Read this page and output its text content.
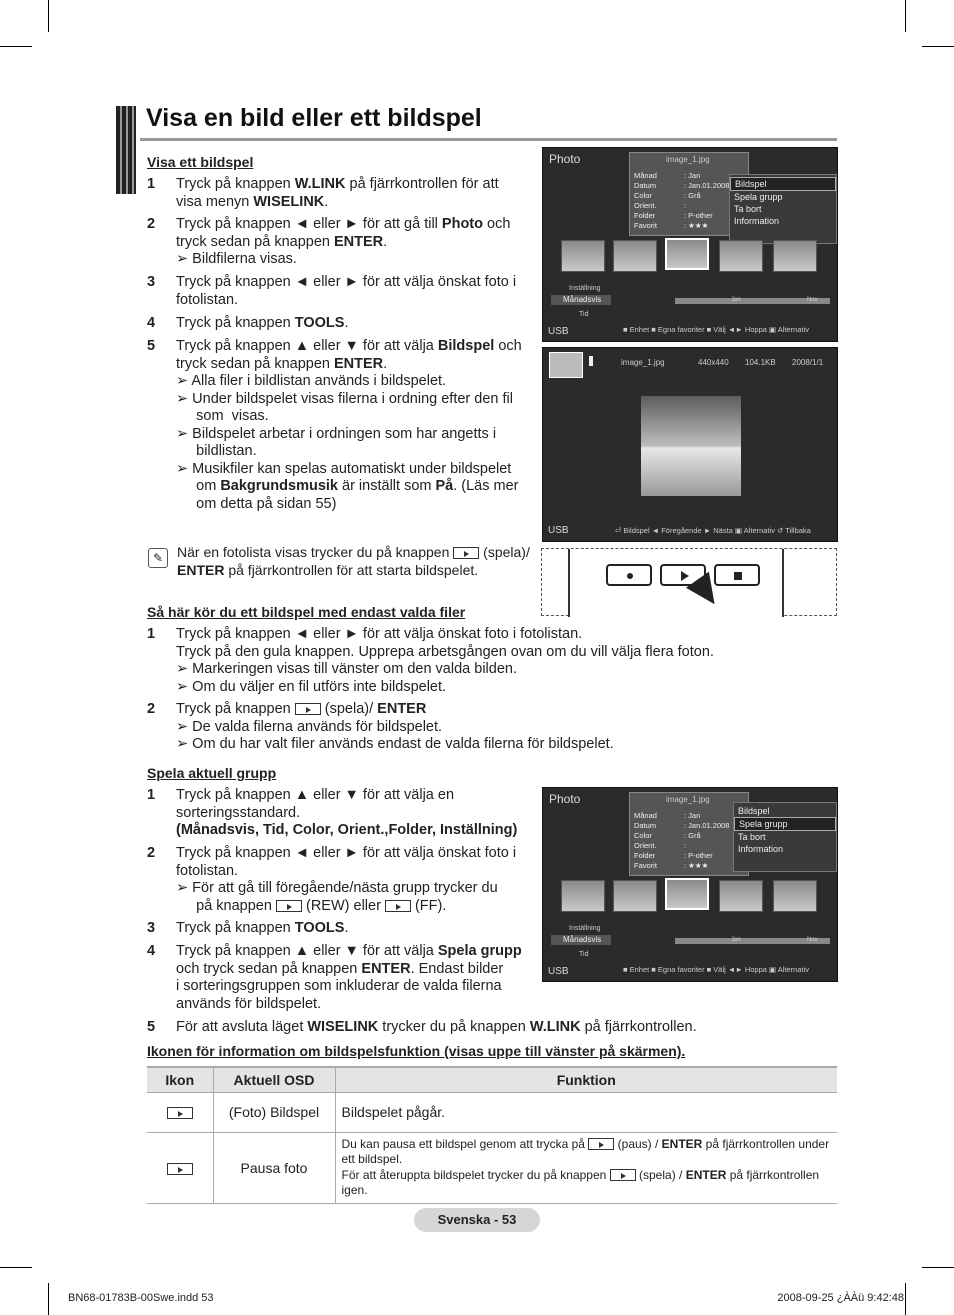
Visa en bild eller ett bildspel
Visa ett bildspel
1 Tryck på knappen W.LINK på fjärrkontrollen för att
visa menyn WISELINK.
2 Tryck på knappen ◄ eller ► för att gå till Photo och
tryck sedan på knappen ENTER.
➢ Bildfilerna visas.
3 Tryck på knappen ◄ eller ► för att välja önskat foto i
fotolistan.
4 Tryck på knappen TOOLS.
5 Tryck på knappen ▲ eller ▼ för att välja Bildspel och
tryck sedan på knappen ENTER.
➢ Alla filer i bildlistan används i bildspelet.
➢ Under bildspelet visas filerna i ordning efter den fil
som  visas.
➢ Bildspelet arbetar i ordningen som har angetts i
bildlistan.
➢ Musikfiler kan spelas automatiskt under bildspelet
om Bakgrundsmusik är inställt som På. (Läs mer
om detta på sidan 55)
Photo	image_1.jpg
Månad	: Jan
Datum	: Jan.01.2008
Color	: Grå
Orient.	:
Folder	: P-other
Favorit	: ★★★
Bildspel
Spela grupp
Ta bort
Information
Inställning
Månadsvis
Tid
Jan	Nov
USB	■ Enhet ■ Egna favoriter ■ Välj ◄► Hoppa ▣ Alternativ
image_1.jpg	440x440 104.1KB 2008/1/1
USB	⏎ Bildspel ◄ Föregående ► Nästa ▣ Alternativ ↺ Tillbaka
✎ När en fotolista visas trycker du på knappen (spela)/
ENTER på fjärrkontrollen för att starta bildspelet.
Så här kör du ett bildspel med endast valda filer
1 Tryck på knappen ◄ eller ► för att välja önskat foto i fotolistan.
Tryck på den gula knappen. Upprepa arbetsgången ovan om du vill välja flera foton.
➢ Markeringen visas till vänster om den valda bilden.
➢ Om du väljer en fil utförs inte bildspelet.
2 Tryck på knappen  (spela)/ ENTER
➢ De valda filerna används för bildspelet.
➢ Om du har valt filer används endast de valda filerna för bildspelet.
Spela aktuell grupp
1 Tryck på knappen ▲ eller ▼ för att välja en
sorteringsstandard.
(Månadsvis, Tid, Color, Orient.,Folder, Inställning)
2 Tryck på knappen ◄ eller ► för att välja önskat foto i
fotolistan.
➢ För att gå till föregående/nästa grupp trycker du
på knappen  (REW) eller  (FF).
3 Tryck på knappen TOOLS.
4 Tryck på knappen ▲ eller ▼ för att välja Spela grupp
och tryck sedan på knappen ENTER. Endast bilder
i sorteringsgruppen som inkluderar de valda filerna
används för bildspelet.
5 För att avsluta läget WISELINK trycker du på knappen W.LINK på fjärrkontrollen.
Photo	image_1.jpg
Månad	: Jan
Datum	: Jan.01.2008
Color	: Grå
Orient.	:
Folder	: P-other
Favorit	: ★★★
Bildspel
Spela grupp
Ta bort
Information
Inställning
Månadsvis
Tid
Jan	Nov
USB	■ Enhet ■ Egna favoriter ■ Välj ◄► Hoppa ▣ Alternativ
Ikonen för information om bildspelsfunktion (visas uppe till vänster på skärmen).
Ikon	Aktuell OSD	Funktion
	(Foto) Bildspel	Bildspelet pågår.
	Pausa foto	Du kan pausa ett bildspel genom att trycka på  (paus) / ENTER på fjärrkontrollen under ett bildspel.
För att återuppta bildspelet trycker du på knappen  (spela) / ENTER på fjärrkontrollen igen.
Svenska - 53
BN68-01783B-00Swe.indd 53	2008-09-25 ¿ÀÀü 9:42:48
